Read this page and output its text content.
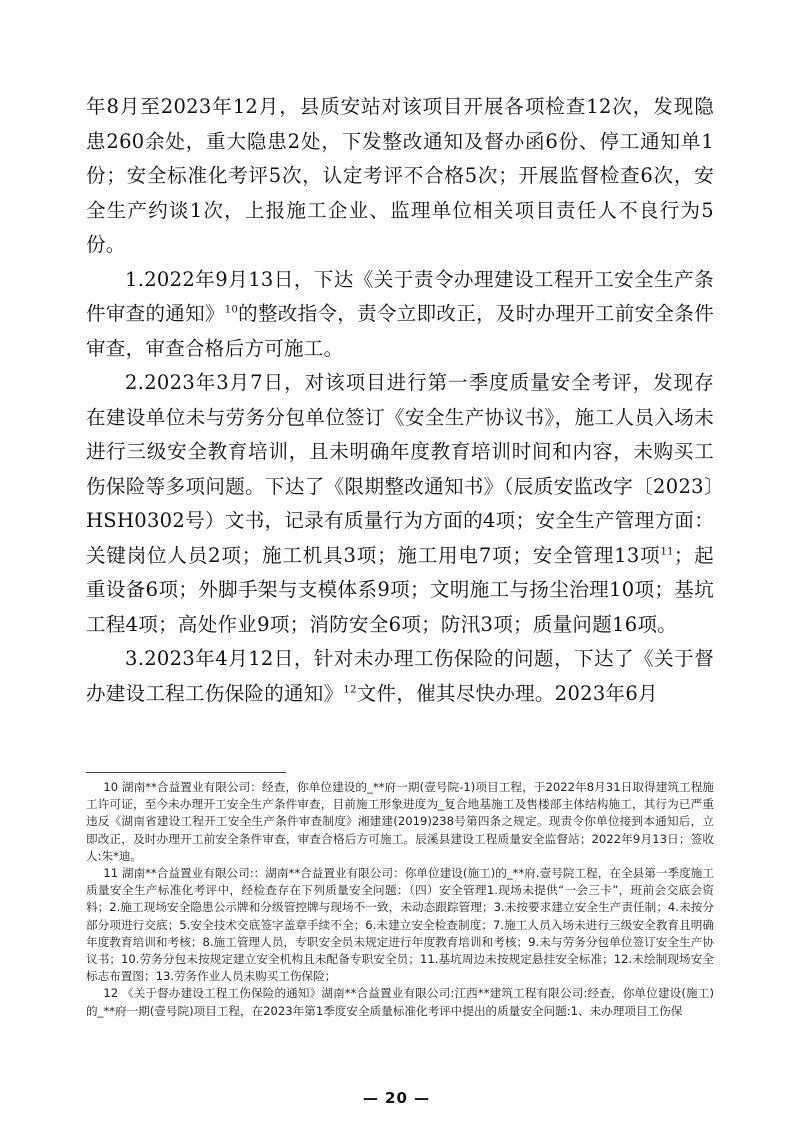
年8月至2023年12月，县质安站对该项目开展各项检查12次，发现隐患260余处，重大隐患2处，下发整改通知及督办函6份、停工通知单1份；安全标准化考评5次，认定考评不合格5次；开展监督检查6次，安全生产约谈1次，上报施工企业、监理单位相关项目责任人不良行为5份。

1.2022年9月13日，下达《关于责令办理建设工程开工安全生产条件审查的通知》$^{10}$的整改指令，责令立即改正，及时办理开工前安全条件审查，审查合格后方可施工。

2.2023年3月7日，对该项目进行第一季度质量安全考评，发现存在建设单位未与劳务分包单位签订《安全生产协议书》，施工人员入场未进行三级安全教育培训，且未明确年度教育培训时间和内容，未购买工伤保险等多项问题。下达了《限期整改通知书》（辰质安监改字〔2023〕HSH0302号）文书，记录有质量行为方面的4项；安全生产管理方面：关键岗位人员2项；施工机具3项；施工用电7项；安全管理13项$^{11}$；起重设备6项；外脚手架与支模体系9项；文明施工与扬尘治理10项；基坑工程4项；高处作业9项；消防安全6项；防汛3项；质量问题16项。

3.2023年4月12日，针对未办理工伤保险的问题，下达了《关于督办建设工程工伤保险的通知》$^{12}$文件，催其尽快办理。2023年6月

10 湖南**合益置业有限公司：经查，你单位建设的_**府一期(壹号院-1)项目工程，于2022年8月31日取得建筑工程施工许可证，至今未办理开工安全生产条件审查，目前施工形象进度为_复合地基施工及售楼部主体结构施工，其行为已严重违反《湖南省建设工程开工安全生产条件审查制度》湘建建(2019)238号第四条之规定。现责令你单位接到本通知后，立即改正，及时办理开工前安全条件审查，审查合格后方可施工。辰溪县建设工程质量安全监督站；2022年9月13日；签收人:朱*迪。

11 湖南**合益置业有限公司:：湖南**合益置业有限公司：你单位建设(施工)的_**府.壹号院工程，在全县第一季度施工质量安全生产标准化考评中，经检查存在下列质量安全问题：（四）安全管理1.现场未提供“一会三卡”，班前会交底会资料；2.施工现场安全隐患公示牌和分级管控牌与现场不一致，未动态跟踪管理；3.未按要求建立安全生产责任制；4.未按分部分项进行交底；5.安全技术交底签字盖章手续不全；6.未建立安全检查制度；7.施工人员入场未进行三级安全教育且明确年度教育培训和考核；8.施工管理人员，专职安全员未规定进行年度教育培训和考核；9.未与劳务分包单位签订安全生产协议书；10.劳务分包未按规定建立安全机构且未配备专职安全员；11.基坑周边未按规定悬挂安全标准；12.未绘制现场安全标志布置图；13.劳务作业人员未购买工伤保险；

12 《关于督办建设工程工伤保险的通知》湖南**合益置业有限公司:江西**建筑工程有限公司:经查，你单位建设(施工)的_**府一期(壹号院)项目工程，在2023年第1季度安全质量标准化考评中提出的质量安全问题:1、未办理项目工伤保

— 20 —
